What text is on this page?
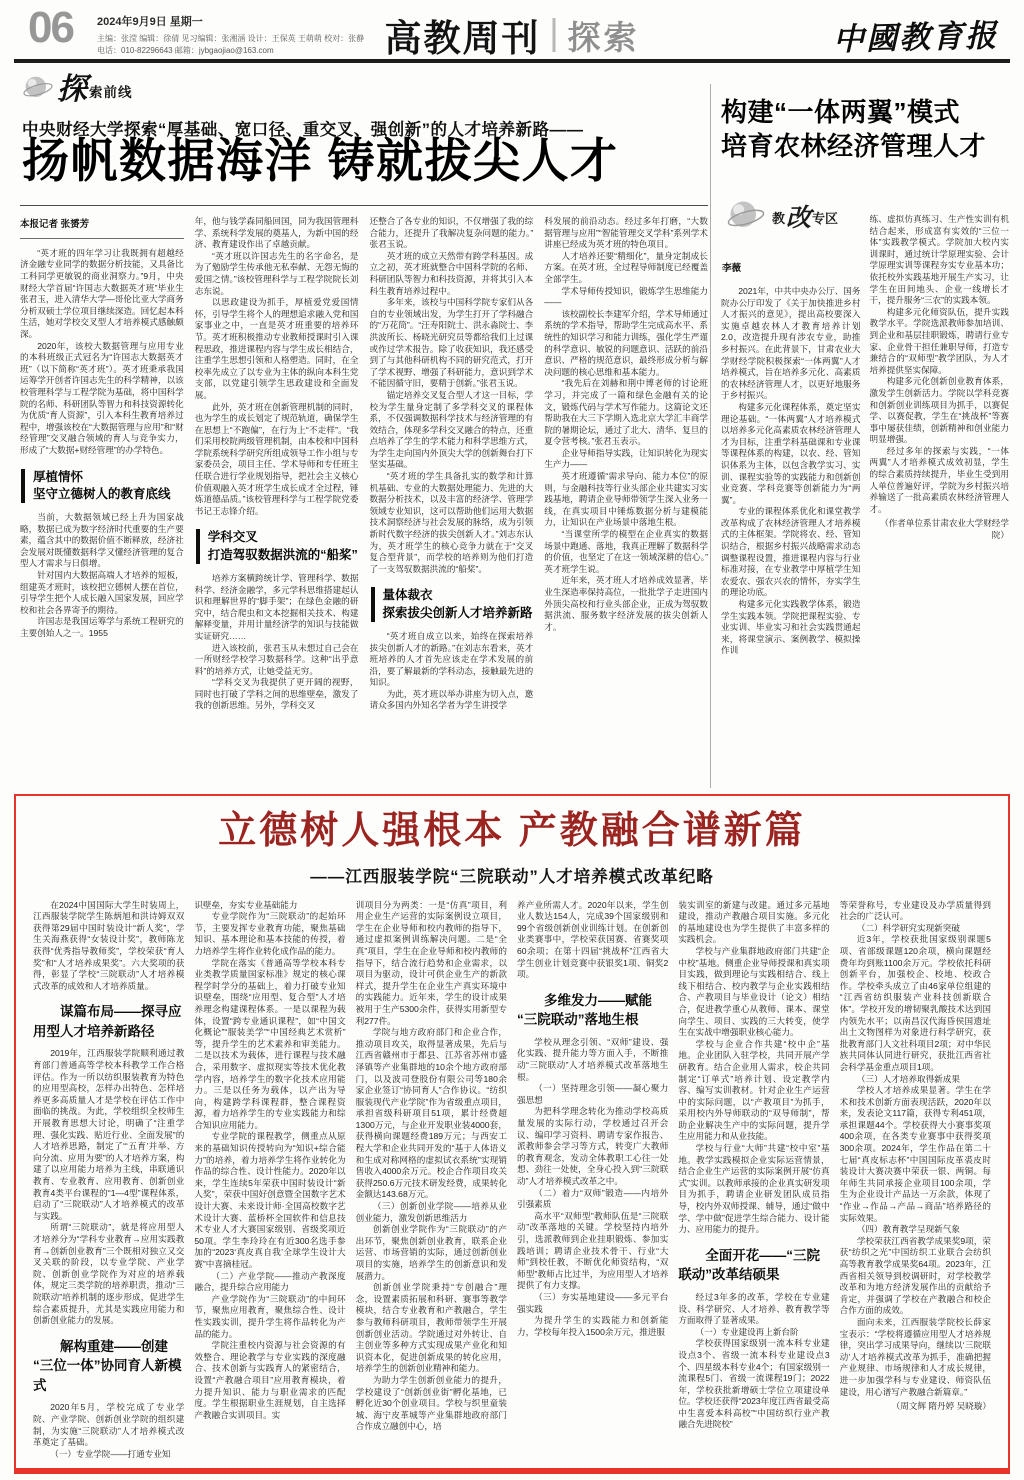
06 2024年9月9日 星期一
主编：张滢 编辑：徐倩 见习编辑：张湘涵 设计：王保英 王萌萌 校对：张静
电话：010-82296643 邮箱：jybgaojiao@163.com	高教周刊 探索	中國教育报
探 索前线
中央财经大学探索“厚基础、宽口径、重交叉、强创新”的人才培养新路——
扬帆数据海洋 铸就拔尖人才
本报记者 张赟芳
“英才班的四年学习让我既拥有超越经济金融专业同学的数据分析技能，又具备比工科同学更敏锐的商业洞察力。”9月，中央财经大学首届“许国志大数据英才班”毕业生张君玉，进入清华大学—哥伦比亚大学商务分析双硕士学位项目继续深造。回忆起本科生活，她对学校交叉型人才培养模式感触颇深。
2020年，该校大数据管理与应用专业的本科班级正式冠名为“许国志大数据英才班”（以下简称“英才班”）。英才班秉承我国运筹学开创者许国志先生的科学精神，以该校管理科学与工程学院为基础，将中国科学院的名师、科研团队等智力和科技资源转化为优质“育人资源”，引入本科生教育培养过程中，增强该校在“大数据管理与应用”和“财经管理”交叉融合领域的育人与竞争实力，形成了“大数据+财经管理”的办学特色。
厚植情怀
坚守立德树人的教育底线
当前，大数据领域已经上升为国家战略，数据已成为数字经济时代重要的生产要素，蕴含其中的数据价值不断释放，经济社会发展对既懂数据科学又懂经济管理的复合型人才需求与日俱增。
针对国内大数据高端人才培养的短板，组建英才班时，该校把立德树人摆在首位，引导学生把个人成长融入国家发展，回应学校和社会各界寄予的期待。
许国志是我国运筹学与系统工程研究的主要创始人之一。1955
年，他与钱学森同船回国，同为我国管理科学、系统科学发展的奠基人，为新中国的经济、教育建设作出了卓越贡献。
“英才班以许国志先生的名字命名，是为了勉励学生传承他无私奉献、无怨无悔的爱国之情。”该校管理科学与工程学院院长刘志东说。
以思政建设为抓手，厚植爱党爱国情怀，引导学生将个人的理想追求融入党和国家事业之中，一直是英才班重要的培养环节。英才班积极推动专业教师授课时引入课程思政，推进课程内容与学生成长相结合，注重学生思想引领和人格塑造。同时，在全校率先成立了以专业为主体的纵向本科生党支部，以党建引领学生思政建设和全面发展。
此外，英才班在创新管理机制的同时，也为学生的成长划定了规范轨道，确保学生在思想上“不跑偏”，在行为上“不走样”。“我们采用校院两级管理机制，由本校和中国科学院系统科学研究所组成领导工作小组与专家委员会，项目主任、学术导师和专任班主任联合进行学业规划指导，把社会主义核心价值观融入英才班学生成长成才全过程，锤炼道德品质。”该校管理科学与工程学院党委书记王志锋介绍。
学科交叉
打造驾驭数据洪流的“船桨”
培养方案横跨统计学、管理科学、数据科学、经济金融学，多元学科思维搭建起认识和理解世界的“脚手架”；在绿色金融的研究中，结合爬虫和文本挖掘相关技术、构建解释变量，并用计量经济学的知识与技能做实证研究……
进入该校前，张君玉从未想过自己会在一所财经学校学习数据科学。这种“出乎意料”的培养方式，让她受益无穷。
“学科交叉为我提供了更开阔的视野，同时也打破了学科之间的思维壁垒，激发了我的创新思维。另外，学科交叉
还整合了各专业的知识，不仅增强了我的综合能力，还提升了我解决复杂问题的能力。”张君玉说。
英才班的成立天然带有跨学科基因。成立之初，英才班就整合中国科学院的名师、科研团队等智力和科技资源，并将其引入本科生教育培养过程中。
多年来，该校与中国科学院专家们从各自的专业领域出发，为学生打开了学科融合的“万花筒”。“汪寿阳院士、洪永淼院士、李洪波所长、杨晓光研究员等都给我们上过课或作过学术报告。除了收获知识，我还感受到了与其他科研机构不同的研究范式，打开了学术视野、增强了科研能力，意识到学术不能因循守旧，要精于创新。”张君玉说。
锚定培养交叉复合型人才这一目标，学校为学生量身定制了多学科交叉的课程体系，不仅强调数据科学技术与经济管理的有效结合，体现多学科交叉融合的特点，还重点培养了学生的学术能力和科学思维方式，为学生走向国内外顶尖大学的创新舞台打下坚实基础。
“英才班的学生具备扎实的数学和计算机基础、专业的大数据处理能力、先进的大数据分析技术，以及丰富的经济学、管理学领域专业知识，这可以帮助他们运用大数据技术洞察经济与社会发展的脉络，成为引领新时代数字经济的拔尖创新人才。”刘志东认为，英才班学生的核心竞争力就在于“交叉复合型背景”，而学校的培养则为他们打造了一支驾驭数据洪流的“船桨”。
量体裁衣
探索拔尖创新人才培养新路
“英才班自成立以来，始终在探索培养拔尖创新人才的新路。”在刘志东看来，英才班培养的人才首先应该走在学术发展的前沿，要了解最新的学科动态，接触最先进的知识。
为此，英才班以举办讲座为切入点，邀请众多国内外知名学者为学生讲授学
科发展的前沿动态。经过多年打磨，“大数据管理与应用”“智能管理交叉学科”系列学术讲座已经成为英才班的特色项目。
人才培养还要“精细化”，量身定制成长方案。在英才班，全过程导师制度已经覆盖全部学生。
学术导师传授知识，锻炼学生思维能力——
该校副校长李建军介绍，学术导师通过系统的学术指导，帮助学生完成高水平、系统性的知识学习和能力训练，强化学生严谨的科学意识、敏锐的问题意识、活跃的前沿意识、严格的规范意识，最终形成分析与解决问题的核心思维和基本能力。
“我先后在刘赫和荆中博老师的讨论班学习，并完成了一篇和绿色金融有关的论文，锻炼代码与学术写作能力。这篇论文还帮助我在大三下学期入选北京大学汇丰商学院的暑期论坛，通过了北大、清华、复旦的夏令营考核。”张君玉表示。
企业导师指导实践，让知识转化为现实生产力——
英才班遵循“需求导向、能力本位”的原则，与金融科技等行业头部企业共建实习实践基地，聘请企业导师带领学生深入业务一线，在真实项目中锤炼数据分析与建模能力，让知识在产业场景中落地生根。
“当课堂所学的模型在企业真实的数据场景中跑通、落地，我真正理解了数据科学的价值，也坚定了在这一领域深耕的信心。”英才班学生说。
近年来，英才班人才培养成效显著，毕业生深造率保持高位，一批批学子走进国内外顶尖高校和行业头部企业，正成为驾驭数据洪流、服务数字经济发展的拔尖创新人才。
构建“一体两翼”模式
培育农林经济管理人才
教 改 专区
李薇
2021年，中共中央办公厅、国务院办公厅印发了《关于加快推进乡村人才振兴的意见》，提出高校要深入实施卓越农林人才教育培养计划2.0，改造提升现有涉农专业，助推乡村振兴。在此背景下，甘肃农业大学财经学院积极探索“一体两翼”人才培养模式，旨在培养多元化、高素质的农林经济管理人才，以更好地服务于乡村振兴。
构建多元化课程体系，奠定坚实理论基础。“一体两翼”人才培养模式以培养多元化高素质农林经济管理人才为目标，注重学科基础课和专业课等课程体系的构建，以农、经、管知识体系为主体，以包含教学实习、实训、课程实验等的实践能力和创新创业竞赛、学科竞赛等创新能力为“两翼”。
专业的课程体系优化和课堂教学改革构成了农林经济管理人才培养模式的主体框架。学院将农、经、管知识结合，根据乡村振兴战略需求动态调整课程设置，推进课程内容与行业标准对接，在专业教学中厚植学生知农爱农、强农兴农的情怀，夯实学生的理论功底。
构建多元化实践教学体系，锻造学生实践本领。学院把课程实验、专业实训、毕业实习和社会实践贯通起来，将课堂演示、案例教学、模拟操作训
练、虚拟仿真练习、生产性实训有机结合起来，形成富有实效的“三位一体”实践教学模式。学院加大校内实训课时，通过统计学原理实验、会计学原理实训等课程夯实专业基本功；依托校外实践基地开展生产实习，让学生在田间地头、企业一线增长才干，提升服务“三农”的实践本领。
构建多元化师资队伍，提升实践教学水平。学院选派教师参加培训、到企业和基层挂职锻炼，聘请行业专家、企业骨干担任兼职导师，打造专兼结合的“双师型”教学团队，为人才培养提供坚实保障。
构建多元化创新创业教育体系，激发学生创新活力。学院以学科竞赛和创新创业训练项目为抓手，以赛促学、以赛促教，学生在“挑战杯”等赛事中屡获佳绩，创新精神和创业能力明显增强。
经过多年的探索与实践，“一体两翼”人才培养模式成效初显，学生的综合素质持续提升，毕业生受到用人单位普遍好评，学院为乡村振兴培养输送了一批高素质农林经济管理人才。
（作者单位系甘肃农业大学财经学院）
立德树人强根本 产教融合谱新篇
——江西服装学院“三院联动”人才培养模式改革纪略
在2024中国国际大学生时装周上，江西服装学院学生陈炳旭和洪诗姆双双获得第29届中国时装设计“新人奖”，学生关海燕获得“女装设计奖”，教师陈龙获得“优秀指导教师奖”，学校荣获“育人奖”和“人才培养成果奖”。六大奖项的获得，彰显了学校“三院联动”人才培养模式改革的成效和人才培养质量。
谋篇布局——探寻应用型人才培养新路径
2019年，江西服装学院顺利通过教育部门普通高等学校本科教学工作合格评估。作为一所以纺织服装教育为特色的应用型高校，怎样办出特色、怎样培养更多高质量人才是学校在评估工作中面临的挑战。为此，学校组织全校师生开展教育思想大讨论，明确了“注重学理、强化实践、贴近行业、全面发展”的人才培养思路，制定了“‘五育’并举、方向分流、应用为要”的人才培养方案，构建了以应用能力培养为主线，串联通识教育、专业教育、应用教育、创新创业教育4类平台课程的“1—4型”课程体系，启动了“三院联动”人才培养模式的改革与实践。
所谓“三院联动”，就是将应用型人才培养分为“学科专业教育→应用实践教育→创新创业教育”三个既相对独立又交叉关联的阶段，以专业学院、产业学院、创新创业学院作为对应的培养载体，规定三类学院的培养职责，推动“三院联动”培养机制的逐步形成，促进学生综合素质提升，尤其是实践应用能力和创新创业能力的发展。
解构重建——创建“三位一体”协同育人新模式
2020年5月，学校完成了专业学院、产业学院、创新创业学院的组织建制，为实施“三院联动”人才培养模式改革奠定了基础。
（一）专业学院——打通专业知
识壁垒，夯实专业基础能力
专业学院作为“三院联动”的起始环节，主要发挥专业教育功能，聚焦基础知识、基本理论和基本技能的传授，着力培养学生将作业转化成作品的能力。
学院在落实《普通高等学校本科专业类教学质量国家标准》规定的核心课程学时学分的基础上，着力打破专业知识壁垒，围绕“应用型、复合型”人才培养理念构建课程体系。一是以课程为载体，设置“跨专业通识课程”，如“中国文化概论”“服装美学”“中国经典艺术赏析”等，提升学生的艺术素养和审美能力。二是以技术为载体，进行课程与技术融合，采用数字、虚拟现实等技术优化教学内容，培养学生的数字化技术应用能力。三是以任务为载体，以产出为导向，构建跨学科课程群，整合课程资源，着力培养学生的专业实践能力和综合知识应用能力。
专业学院的课程教学，侧重点从原来的基础知识传授转向为“知识+综合能力”的培养，着力培养学生将作业转化为作品的综合性、设计性能力。2020年以来，学生连续5年荣获中国时装设计“新人奖”，荣获中国好创意暨全国数字艺术设计大赛、未来设计师·全国高校数字艺术设计大赛、蓝桥杯全国软件和信息技术专业人才大赛国家级别、省级奖项近50项。学生李玲玲在有近300名选手参加的“2023‘真皮真自我’全球学生设计大赛”中喜摘桂冠。
（二）产业学院——推动产教深度融合，提升综合应用能力
产业学院作为“三院联动”的中间环节，聚焦应用教育，聚焦综合性、设计性实践实训，提升学生将作品转化为产品的能力。
学院注重校内资源与社会资源的有效整合、理论教学与专业实践的深度融合、技术创新与实践育人的紧密结合，设置“产教融合项目”应用教育模块，着力提升知识、能力与职业需求的匹配度。学生根据职业生涯规划，自主选择产教融合实训项目。实
训项目分为两类：一是“仿真”项目，利用企业生产运营的实际案例设立项目，学生在企业导师和校内教师的指导下，通过虚拟案例训练解决问题。二是“全真”项目，学生在企业导师和校内教师的指导下，结合流行趋势和企业需求，以项目为驱动，设计可供企业生产的新款样式，提升学生在企业生产真实环境中的实践能力。近年来，学生的设计成果被用于生产5300余件，获得实用新型专利277件。
学院与地方政府部门和企业合作，推动项目攻关，取得显著成果，先后与江西省赣州市于都县、江苏省苏州市盛泽镇等产业集群地的10余个地方政府部门，以及波司登股份有限公司等180余家企业签订“协同育人”合作协议。“纺织服装现代产业学院”作为省级重点项目，承担省级科研项目51项，累计经费超1300万元，与企业开发职业装4000套，获得横向课题经费189万元；与西安工程大学和企业共同开发的“基于人体语义和生成对称网格的虚拟试衣系统”实现销售收入4000余万元。校企合作项目攻关获得250.6万元技术研发经费，成果转化金额达143.68万元。
（三）创新创业学院——培养从业创业能力，激发创新思维活力
创新创业学院作为“三院联动”的产出环节，聚焦创新创业教育，联系企业运营、市场营销的实际，通过创新创业项目的实施，培养学生的创新意识和发展潜力。
创新创业学院秉持“专创融合”理念，设置素质拓展和科研、赛事等教学模块，结合专业教育和产教融合，学生参与教师科研项目，教师带领学生开展创新创业活动。学院通过对外转让、自主创业等多种方式实现成果产业化和知识资本化，促进创新成果的转化应用，培养学生的创新创业精神和能力。
为助力学生创新创业能力的提升，学校建设了“创新创业街”孵化基地，已孵化近30个创业项目。学校与织里童装城、海宁皮革城等产业集群地政府部门合作成立融创中心，培
养产业所需人才。2020年以来，学生创业人数达154人，完成39个国家级别和99个省级创新创业训练计划。在创新创业类赛事中，学校荣获国赛、省赛奖项60余项；在第十四届“挑战杯”江西省大学生创业计划竞赛中获银奖1项、铜奖2项。
多维发力——赋能“三院联动”落地生根
学校从理念引领、“双师”建设、强化实践、提升能力等方面入手，不断推动“三院联动”人才培养模式改革落地生根。
（一）坚持理念引领——凝心聚力强思想
为把科学理念转化为推动学校高质量发展的实际行动，学校通过召开会议、编印学习资料、聘请专家作报告、派教师参会学习等方式，转变广大教师的教育观念，发动全体教职工心往一处想、劲往一处使，全身心投入到“三院联动”人才培养模式改革之中。
（二）着力“双师”锻造——内培外引强素质
高水平“双师型”教师队伍是“三院联动”改革落地的关键。学校坚持内培外引，选派教师到企业挂职锻炼、参加实践培训；聘请企业技术骨干、行业“大师”到校任教，不断优化师资结构，“双师型”教师占比过半，为应用型人才培养提供了有力支撑。
（三）夯实基地建设——多元平台强实践
为提升学生的实践能力和创新能力，学校每年投入1500余万元，推进服
装实训室的新建与改建。通过多元基地建设，推动产教融合项目实施。多元化的基地建设也为学生提供了丰富多样的实践机会。
学校与产业集群地政府部门共建“企中校”基地。侧重企业导师授课和真实项目实践，做到理论与实践相结合、线上线下相结合、校内教学与企业实践相结合、产教项目与毕业设计（论文）相结合，促进教学重心从教师、课本、课堂向学生、项目、实践的三大转变，使学生在实战中增强职业核心能力。
学校与企业合作共建“校中企”基地。企业团队入驻学校，共同开展产学研教育。结合企业用人需求，校企共同制定“订单式”培养计划、设定教学内容、编写实训教材。针对企业生产运营中的实际问题，以“产教项目”为抓手，采用校内外导师联动的“双导师制”，帮助企业解决生产中的实际问题，提升学生应用能力和从业技能。
学校与行业“大师”共建“校中室”基地。教学实践模拟企业实际运营情景，结合企业生产运营的实际案例开展“仿真式”实训。以教师承接的企业真实研发项目为抓手，聘请企业研发团队成员指导，校内外双师授课、辅导，通过“做中学、学中做”促进学生综合能力、设计能力、应用能力的提升。
全面开花——“三院联动”改革结硕果
经过3年多的改革，学校在专业建设、科学研究、人才培养、教育教学等方面取得了显著成果。
（一）专业建设再上新台阶
学校获得国家级别一流本科专业建设点3个、省级一流本科专业建设点3个、四星级本科专业4个；有国家级别一流课程5门、省级一流课程19门；2022年，学校获批新增硕士学位立项建设单位。学校还获得“2023年度江西省最受高中生喜爱本科高校”“中国纺织行业产教融合先进院校”
等荣誉称号，专业建设及办学质量得到社会的广泛认可。
（二）科学研究实现新突破
近3年，学校获批国家级别课题5项、省部级课题120余项，横向课题经费年均到账1100余万元。学校依托科研创新平台，加强校企、校地、校政合作。学校牵头成立了由46家单位组建的“江西省纺织服装产业科技创新联合体”。学校开发的增韧聚乳酸技术达到国内领先水平；以南昌汉代海昏侯国遗址出土文物图样为对象进行科学研究，获批教育部门人文社科项目2项；对中华民族共同体认同进行研究，获批江西省社会科学基金重点项目1项。
（三）人才培养取得新成果
学校人才培养成果显著。学生在学术和技术创新方面表现活跃，2020年以来，发表论文117篇，获得专利451项，承担课题44个。学校获得大小赛事奖项400余项，在各类专业赛事中获得奖项300余项。2024年，学生作品在第二十七届“真皮标志杯”中国国际皮革裘皮时装设计大赛决赛中荣获一银、两铜。每年师生共同承接企业项目100余项，学生为企业设计产品达一万余款，体现了“作业→作品→产品→商品”培养路径的实际效果。
（四）教育教学呈现新气象
学校荣获江西省教学成果奖9项，荣获“纺织之光”中国纺织工业联合会纺织高等教育教学成果奖64项。2023年，江西省相关领导到校调研时，对学校教学改革和为地方经济发展作出的贡献给予肯定，并强调了学校在产教融合和校企合作方面的成效。
面向未来，江西服装学院校长薛家宝表示：“学校将遵循应用型人才培养规律，突出学习成果导向，继续以‘三院联动’人才培养模式改革为抓手，准确把握产业规律、市场规律和人才成长规律，进一步加强学科与专业建设、师资队伍建设，用心谱写产教融合新篇章。”
（周文辉 隋丹婷 吴晓璇）
